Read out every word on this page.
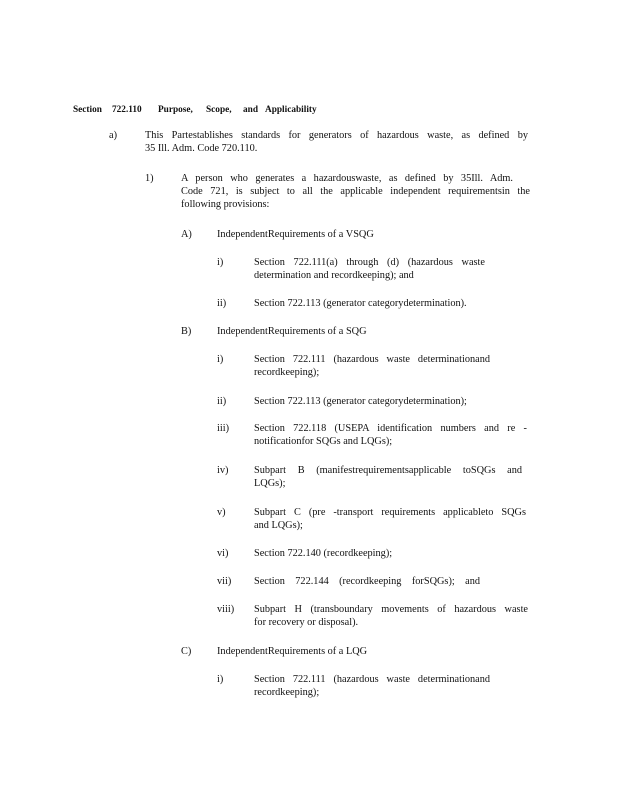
Section 722.110 Purpose, Scope, and Applicability
a)	This Partestablishes standards for generators of hazardous waste, as defined by
35 Ill. Adm. Code 720.110.
1)	A person who generates a hazardouswaste, as defined by 35Ill. Adm.
Code 721, is subject to all the applicable independent requirementsin the
following provisions:
A) IndependentRequirements of a VSQG
i)	Section 722.111(a) through (d) (hazardous waste
determination and recordkeeping); and
ii)	Section 722.113 (generator categorydetermination).
B) IndependentRequirements of a SQG
i)	Section 722.111 (hazardous waste determinationand
recordkeeping);
ii)	Section 722.113 (generator categorydetermination);
iii) Section 722.118 (USEPA identification numbers and re -
notificationfor SQGs and LQGs);
iv) Subpart B (manifestrequirementsapplicable toSQGs and
LQGs);
v)	Subpart C (pre -transport requirements applicableto SQGs
and LQGs);
vi) Section 722.140 (recordkeeping);
vii) Section 722.144 (recordkeeping forSQGs); and
viii) Subpart H (transboundary movements of hazardous waste
for recovery or disposal).
C) IndependentRequirements of a LQG
i)	Section 722.111 (hazardous waste determinationand
recordkeeping);
